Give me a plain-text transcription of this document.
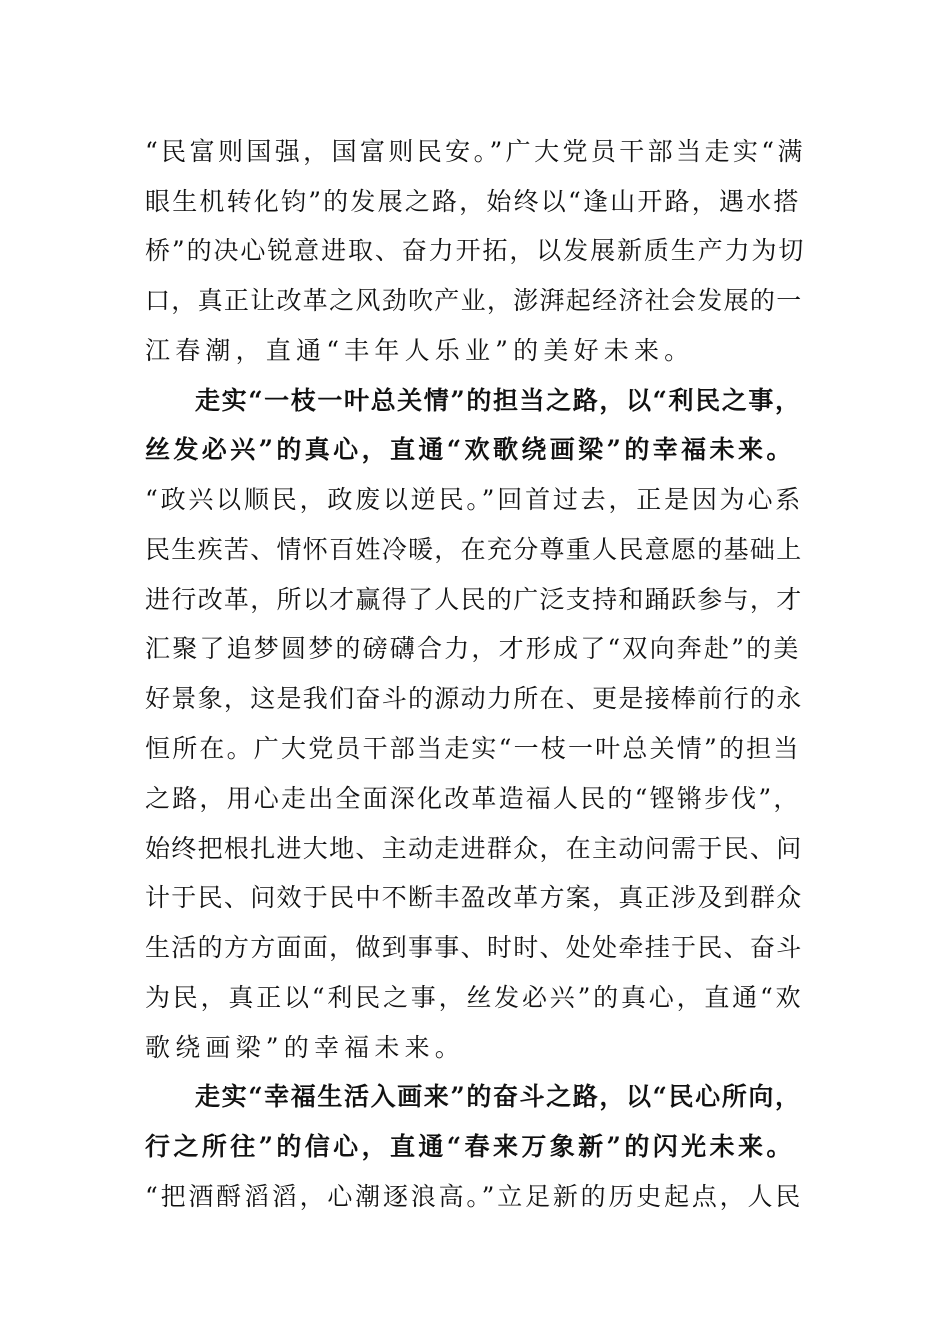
“民富则国强，国富则民安。”广大党员干部当走实“满
眼生机转化钧”的发展之路，始终以“逢山开路，遇水搭
桥”的决心锐意进取、奋力开拓，以发展新质生产力为切
口，真正让改革之风劲吹产业，澎湃起经济社会发展的一
江春潮，直通“丰年人乐业”的美好未来。
走实“一枝一叶总关情”的担当之路，以“利民之事，
丝发必兴”的真心，直通“欢歌绕画梁”的幸福未来。
“政兴以顺民，政废以逆民。”回首过去，正是因为心系
民生疾苦、情怀百姓冷暖，在充分尊重人民意愿的基础上
进行改革，所以才赢得了人民的广泛支持和踊跃参与，才
汇聚了追梦圆梦的磅礴合力，才形成了“双向奔赴”的美
好景象，这是我们奋斗的源动力所在、更是接棒前行的永
恒所在。广大党员干部当走实“一枝一叶总关情”的担当
之路，用心走出全面深化改革造福人民的“铿锵步伐”，
始终把根扎进大地、主动走进群众，在主动问需于民、问
计于民、问效于民中不断丰盈改革方案，真正涉及到群众
生活的方方面面，做到事事、时时、处处牵挂于民、奋斗
为民，真正以“利民之事，丝发必兴”的真心，直通“欢
歌绕画梁”的幸福未来。
走实“幸福生活入画来”的奋斗之路，以“民心所向，
行之所往”的信心，直通“春来万象新”的闪光未来。
“把酒酹滔滔，心潮逐浪高。”立足新的历史起点，人民
